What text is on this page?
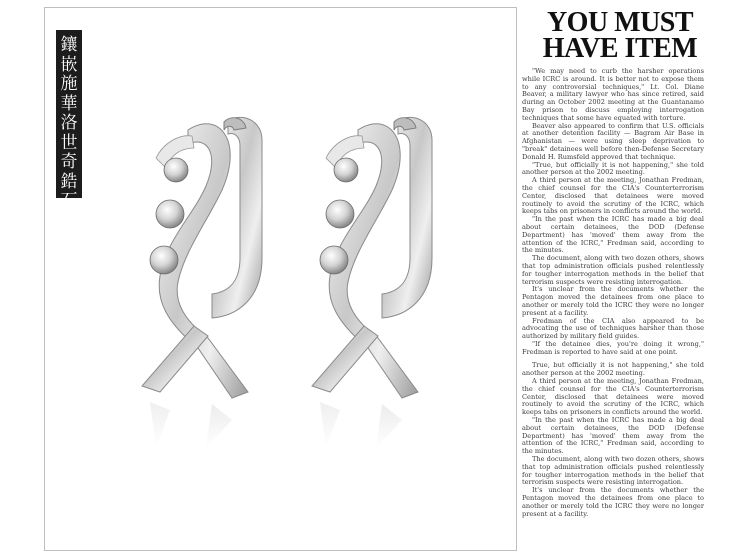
鑲嵌施華洛世奇鋯石
YOU MUST
HAVE ITEM

"We may need to curb the harsher operations while ICRC is around. It is better not to expose them to any controversial techniques," Lt. Col. Diane Beaver, a military lawyer who has since retired, said during an October 2002 meeting at the Guantanamo Bay prison to discuss employing interrogation techniques that some have equated with torture.

Beaver also appeared to confirm that U.S. officials at another detention facility — Bagram Air Base in Afghanistan — were using sleep deprivation to "break" detainees well before then-Defense Secretary Donald H. Rumsfeld approved that technique.

"True, but officially it is not happening," she told another person at the 2002 meeting.

A third person at the meeting, Jonathan Fredman, the chief counsel for the CIA's Counterterrorism Center, disclosed that detainees were moved routinely to avoid the scrutiny of the ICRC, which keeps tabs on prisoners in conflicts around the world.

"In the past when the ICRC has made a big deal about certain detainees, the DOD (Defense Department) has 'moved' them away from the attention of the ICRC," Fredman said, according to the minutes.

The document, along with two dozen others, shows that top administration officials pushed relentlessly for tougher interrogation methods in the belief that terrorism suspects were resisting interrogation.

It's unclear from the documents whether the Pentagon moved the detainees from one place to another or merely told the ICRC they were no longer present at a facility.

Fredman of the CIA also appeared to be advocating the use of techniques harsher than those authorized by military field guides.

"If the detainee dies, you're doing it wrong," Fredman is reported to have said at one point.

True, but officially it is not happening," she told another person at the 2002 meeting.

A third person at the meeting, Jonathan Fredman, the chief counsel for the CIA's Counterterrorism Center, disclosed that detainees were moved routinely to avoid the scrutiny of the ICRC, which keeps tabs on prisoners in conflicts around the world.

"In the past when the ICRC has made a big deal about certain detainees, the DOD (Defense Department) has 'moved' them away from the attention of the ICRC," Fredman said, according to the minutes.

The document, along with two dozen others, shows that top administration officials pushed relentlessly for tougher interrogation methods in the belief that terrorism suspects were resisting interrogation.

It's unclear from the documents whether the Pentagon moved the detainees from one place to another or merely told the ICRC they were no longer present at a facility.
